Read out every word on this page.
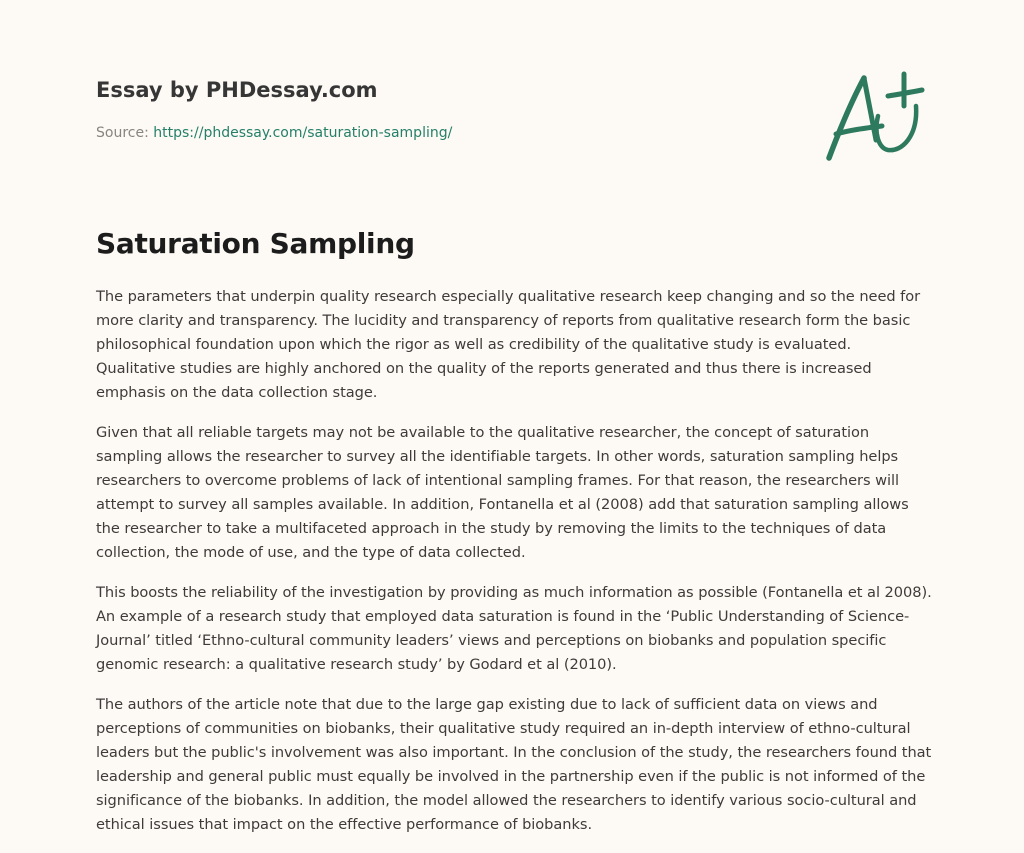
Essay by PHDessay.com
Source: https://phdessay.com/saturation-sampling/
Saturation Sampling

The parameters that underpin quality research especially qualitative research keep changing and so the need for more clarity and transparency. The lucidity and transparency of reports from qualitative research form the basic philosophical foundation upon which the rigor as well as credibility of the qualitative study is evaluated. Qualitative studies are highly anchored on the quality of the reports generated and thus there is increased emphasis on the data collection stage.

Given that all reliable targets may not be available to the qualitative researcher, the concept of saturation sampling allows the researcher to survey all the identifiable targets. In other words, saturation sampling helps researchers to overcome problems of lack of intentional sampling frames. For that reason, the researchers will attempt to survey all samples available. In addition, Fontanella et al (2008) add that saturation sampling allows the researcher to take a multifaceted approach in the study by removing the limits to the techniques of data collection, the mode of use, and the type of data collected.

This boosts the reliability of the investigation by providing as much information as possible (Fontanella et al 2008). An example of a research study that employed data saturation is found in the ‘Public Understanding of Science- Journal’ titled ‘Ethno-cultural community leaders’ views and perceptions on biobanks and population specific genomic research: a qualitative research study’ by Godard et al (2010).

The authors of the article note that due to the large gap existing due to lack of sufficient data on views and perceptions of communities on biobanks, their qualitative study required an in-depth interview of ethno-cultural leaders but the public's involvement was also important. In the conclusion of the study, the researchers found that leadership and general public must equally be involved in the partnership even if the public is not informed of the significance of the biobanks. In addition, the model allowed the researchers to identify various socio-cultural and ethical issues that impact on the effective performance of biobanks.
